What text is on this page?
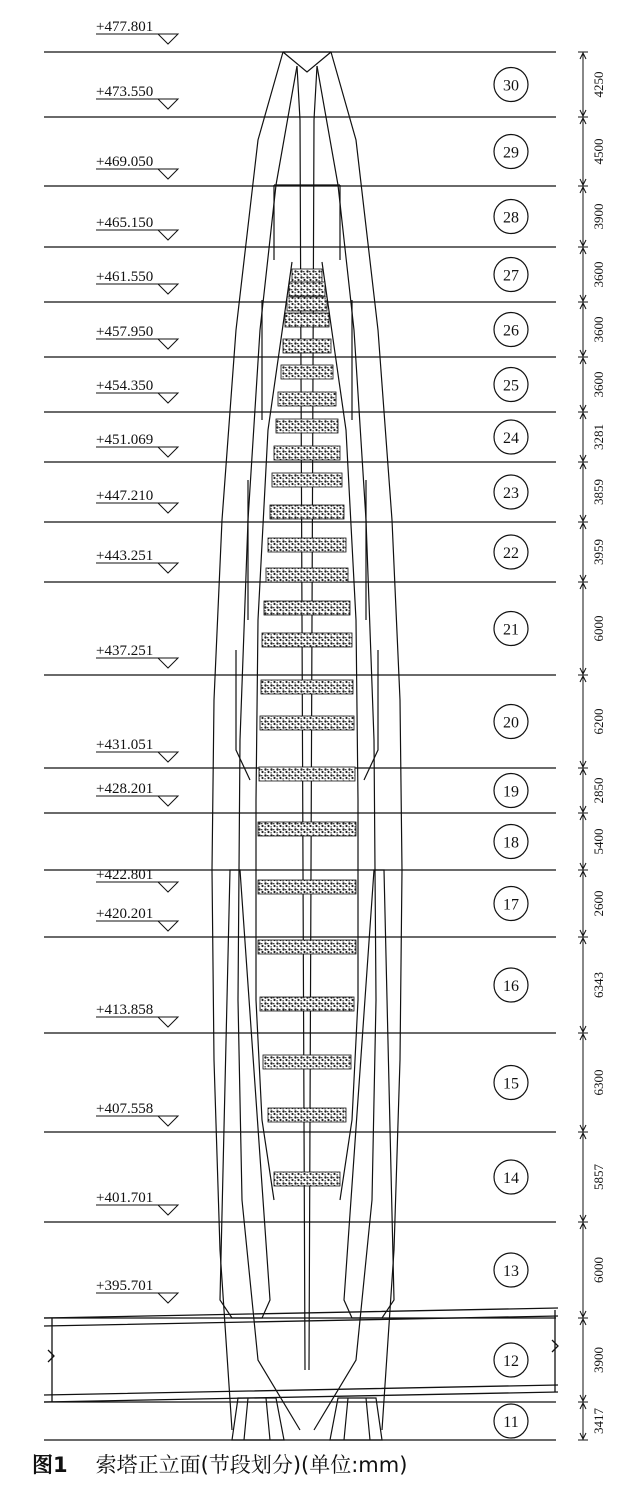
+477.801
+473.550
+469.050
+465.150
+461.550
+457.950
+454.350
+451.069
+447.210
+443.251
+437.251
+431.051
+428.201
+422.801
+420.201
+413.858
+407.558
+401.701
+395.701
30
29
28
27
26
25
24
23
22
21
20
19
18
17
16
15
14
13
12
11
4250
4500
3900
3600
3600
3600
3281
3859
3959
6000
6200
2850
5400
2600
6343
6300
5857
6000
3900
3417
图1 索塔正立面(节段划分)(单位:mm)
